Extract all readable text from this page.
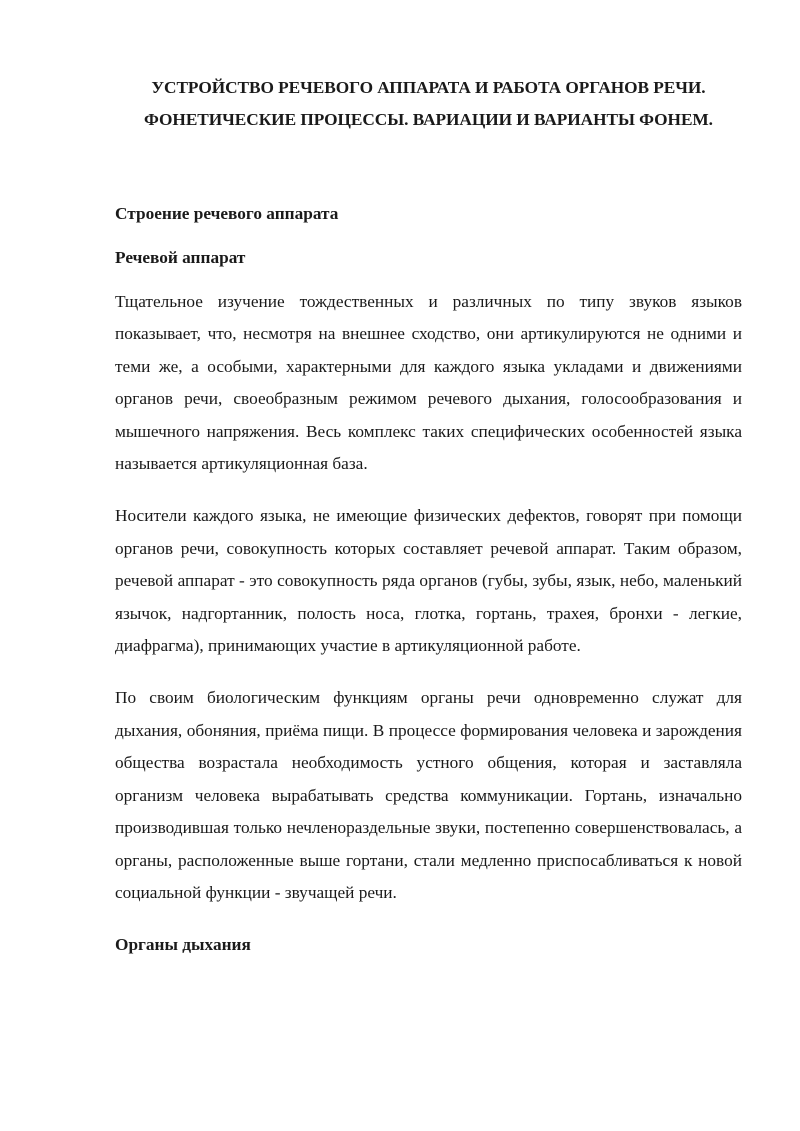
УСТРОЙСТВО РЕЧЕВОГО АППАРАТА И РАБОТА ОРГАНОВ РЕЧИ.
ФОНЕТИЧЕСКИЕ ПРОЦЕССЫ. ВАРИАЦИИ И ВАРИАНТЫ ФОНЕМ.
Строение речевого аппарата
Речевой аппарат

Тщательное изучение тождественных и различных по типу звуков языков показывает, что, несмотря на внешнее сходство, они артикулируются не одними и теми же, а особыми, характерными для каждого языка укладами и движениями органов речи, своеобразным режимом речевого дыхания, голосообразования и мышечного напряжения. Весь комплекс таких специфических особенностей языка называется артикуляционная база.

Носители каждого языка, не имеющие физических дефектов, говорят при помощи органов речи, совокупность которых составляет речевой аппарат. Таким образом, речевой аппарат - это совокупность ряда органов (губы, зубы, язык, небо, маленький язычок, надгортанник, полость носа, глотка, гортань, трахея, бронхи - легкие, диафрагма), принимающих участие в артикуляционной работе.

По своим биологическим функциям органы речи одновременно служат для дыхания, обоняния, приёма пищи. В процессе формирования человека и зарождения общества возрастала необходимость устного общения, которая и заставляла организм человека вырабатывать средства коммуникации. Гортань, изначально производившая только нечленораздельные звуки, постепенно совершенствовалась, а органы, расположенные выше гортани, стали медленно приспосабливаться к новой социальной функции - звучащей речи.

Органы дыхания
